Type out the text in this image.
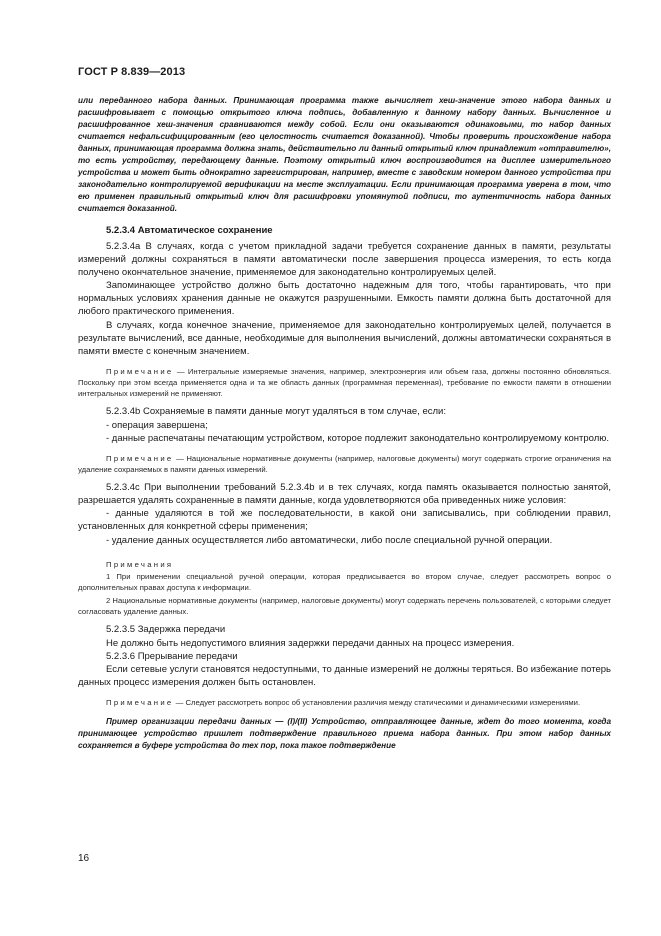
ГОСТ Р 8.839—2013

или переданного набора данных. Принимающая программа также вычисляет хеш-значение этого набора данных и расшифровывает с помощью открытого ключа подпись, добавленную к данному набору данных. Вычисленное и расшифрованное хеш-значения сравниваются между собой. Если они оказываются одинаковыми, то набор данных считается нефальсифицированным (его целостность считается доказанной). Чтобы проверить происхождение набора данных, принимающая программа должна знать, действительно ли данный открытый ключ принадлежит «отправителю», то есть устройству, передающему данные. Поэтому открытый ключ воспроизводится на дисплее измерительного устройства и может быть однократно зарегистрирован, например, вместе с заводским номером данного устройства при законодательно контролируемой верификации на месте эксплуатации. Если принимающая программа уверена в том, что ею применен правильный открытый ключ для расшифровки упомянутой подписи, то аутентичность набора данных считается доказанной.

5.2.3.4 Автоматическое сохранение

5.2.3.4a В случаях, когда с учетом прикладной задачи требуется сохранение данных в памяти, результаты измерений должны сохраняться в памяти автоматически после завершения процесса измерения, то есть когда получено окончательное значение, применяемое для законодательно контролируемых целей.

Запоминающее устройство должно быть достаточно надежным для того, чтобы гарантировать, что при нормальных условиях хранения данные не окажутся разрушенными. Емкость памяти должна быть достаточной для любого практического применения.

В случаях, когда конечное значение, применяемое для законодательно контролируемых целей, получается в результате вычислений, все данные, необходимые для выполнения вычислений, должны автоматически сохраняться в памяти вместе с конечным значением.

Примечание — Интегральные измеряемые значения, например, электроэнергия или объем газа, должны постоянно обновляться. Поскольку при этом всегда применяется одна и та же область данных (программная переменная), требование по емкости памяти в отношении интегральных измерений не применяют.

5.2.3.4b Сохраняемые в памяти данные могут удаляться в том случае, если:

- операция завершена;

- данные распечатаны печатающим устройством, которое подлежит законодательно контролируемому контролю.

Примечание — Национальные нормативные документы (например, налоговые документы) могут содержать строгие ограничения на удаление сохраняемых в памяти данных измерений.

5.2.3.4c При выполнении требований 5.2.3.4b и в тех случаях, когда память оказывается полностью занятой, разрешается удалять сохраненные в памяти данные, когда удовлетворяются оба приведенных ниже условия:

- данные удаляются в той же последовательности, в какой они записывались, при соблюдении правил, установленных для конкретной сферы применения;

- удаление данных осуществляется либо автоматически, либо после специальной ручной операции.

Примечания

1 При применении специальной ручной операции, которая предписывается во втором случае, следует рассмотреть вопрос о дополнительных правах доступа к информации.

2 Национальные нормативные документы (например, налоговые документы) могут содержать перечень пользователей, с которыми следует согласовать удаление данных.

5.2.3.5 Задержка передачи

Не должно быть недопустимого влияния задержки передачи данных на процесс измерения.

5.2.3.6 Прерывание передачи

Если сетевые услуги становятся недоступными, то данные измерений не должны теряться. Во избежание потерь данных процесс измерения должен быть остановлен.

Примечание — Следует рассмотреть вопрос об установлении различия между статическими и динамическими измерениями.

Пример организации передачи данных — (I)/(II) Устройство, отправляющее данные, ждет до того момента, когда принимающее устройство пришлет подтверждение правильного приема набора данных. При этом набор данных сохраняется в буфере устройства до тех пор, пока такое подтверждение

16
